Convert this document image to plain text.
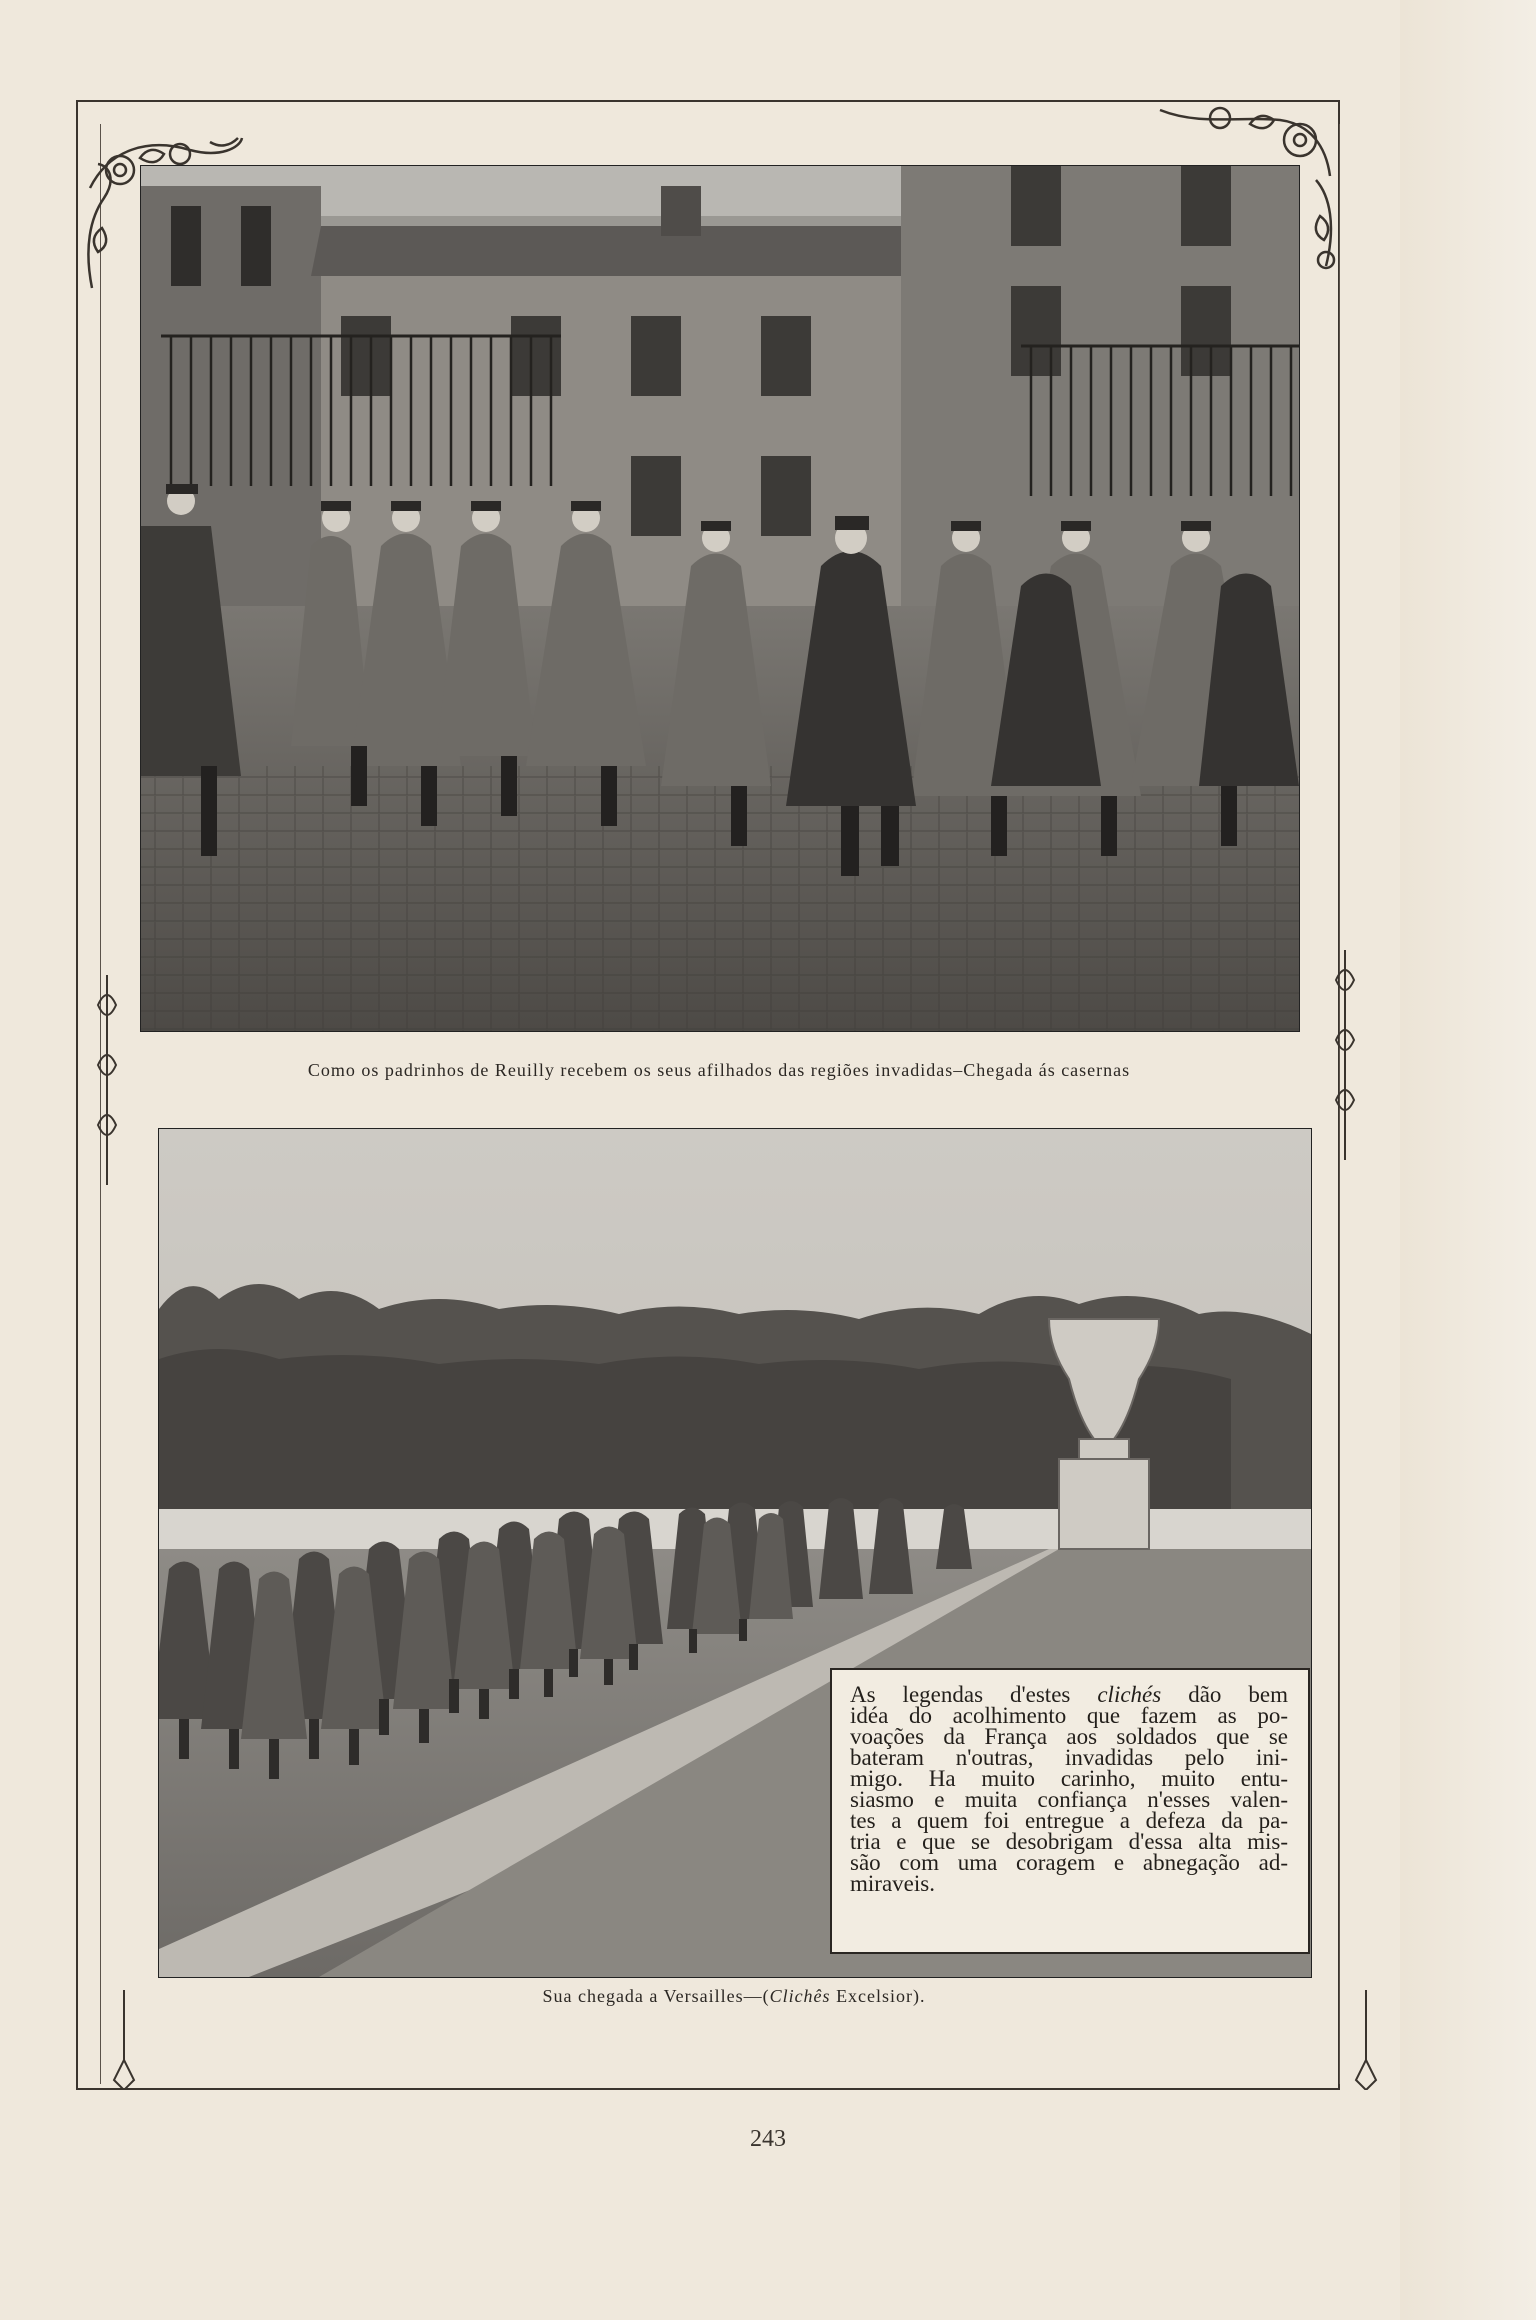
Como os padrinhos de Reuilly recebem os seus afilhados das regiões invadidas–Chegada ás casernas
As legendas d'estes clichés dão bem
idéa do acolhimento que fazem as po-
voações da França aos soldados que se
bateram n'outras, invadidas pelo ini-
migo. Ha muito carinho, muito entu-
siasmo e muita confiança n'esses valen-
tes a quem foi entregue a defeza da pa-
tria e que se desobrigam d'essa alta mis-
são com uma coragem e abnegação ad-
miraveis.
Sua chegada a Versailles—(Clichês Excelsior).
243
